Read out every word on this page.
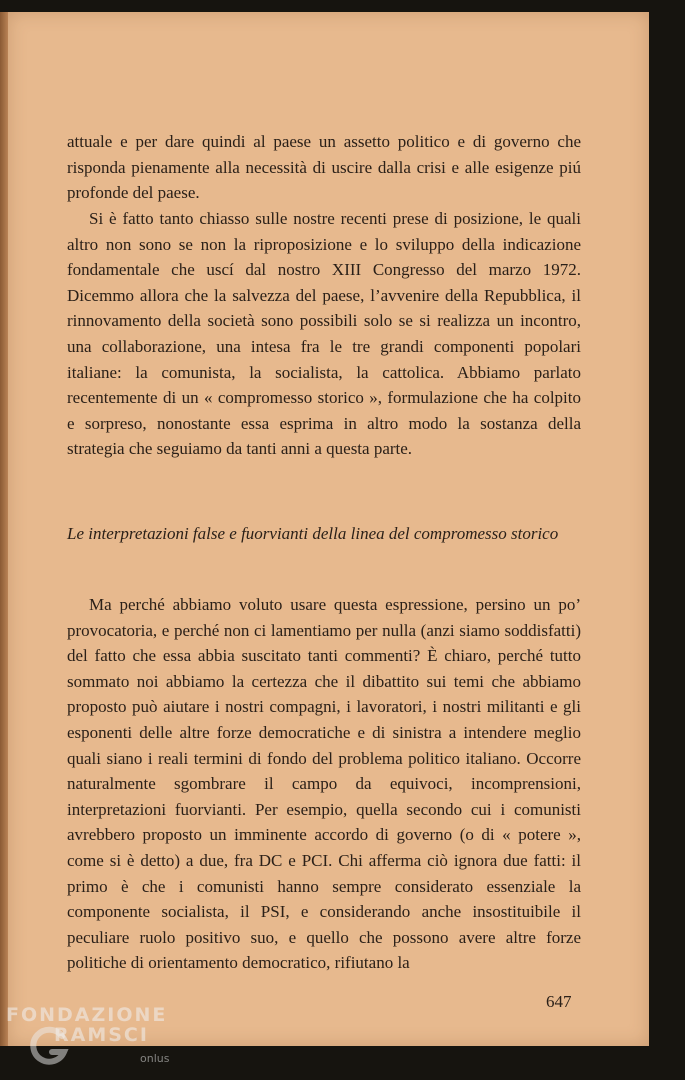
attuale e per dare quindi al paese un assetto politico e di governo che risponda pienamente alla necessità di uscire dalla crisi e alle esigenze piú profonde del paese.

Si è fatto tanto chiasso sulle nostre recenti prese di posizione, le quali altro non sono se non la riproposizione e lo sviluppo della indicazione fondamentale che uscí dal nostro XIII Congresso del marzo 1972. Dicemmo allora che la salvezza del paese, l’avvenire della Repubblica, il rinnovamento della società sono possibili solo se si realizza un incontro, una collaborazione, una intesa fra le tre grandi componenti popolari italiane: la comunista, la socialista, la cattolica. Abbiamo parlato recentemente di un « compromesso storico », formulazione che ha colpito e sorpreso, nonostante essa esprima in altro modo la sostanza della strategia che seguiamo da tanti anni a questa parte.

Le interpretazioni false e fuorvianti della linea del compromesso storico

Ma perché abbiamo voluto usare questa espressione, persino un po’ provocatoria, e perché non ci lamentiamo per nulla (anzi siamo soddisfatti) del fatto che essa abbia suscitato tanti commenti? È chiaro, perché tutto sommato noi abbiamo la certezza che il dibattito sui temi che abbiamo proposto può aiutare i nostri compagni, i lavoratori, i nostri militanti e gli esponenti delle altre forze democratiche e di sinistra a intendere meglio quali siano i reali termini di fondo del problema politico italiano. Occorre naturalmente sgombrare il campo da equivoci, incomprensioni, interpretazioni fuorvianti. Per esempio, quella secondo cui i comunisti avrebbero proposto un imminente accordo di governo (o di « potere », come si è detto) a due, fra DC e PCI. Chi afferma ciò ignora due fatti: il primo è che i comunisti hanno sempre considerato essenziale la componente socialista, il PSI, e considerando anche insostituibile il peculiare ruolo positivo suo, e quello che possono avere altre forze politiche di orientamento democratico, rifiutano la

647
FONDAZIONE
RAMSCI
onlus
